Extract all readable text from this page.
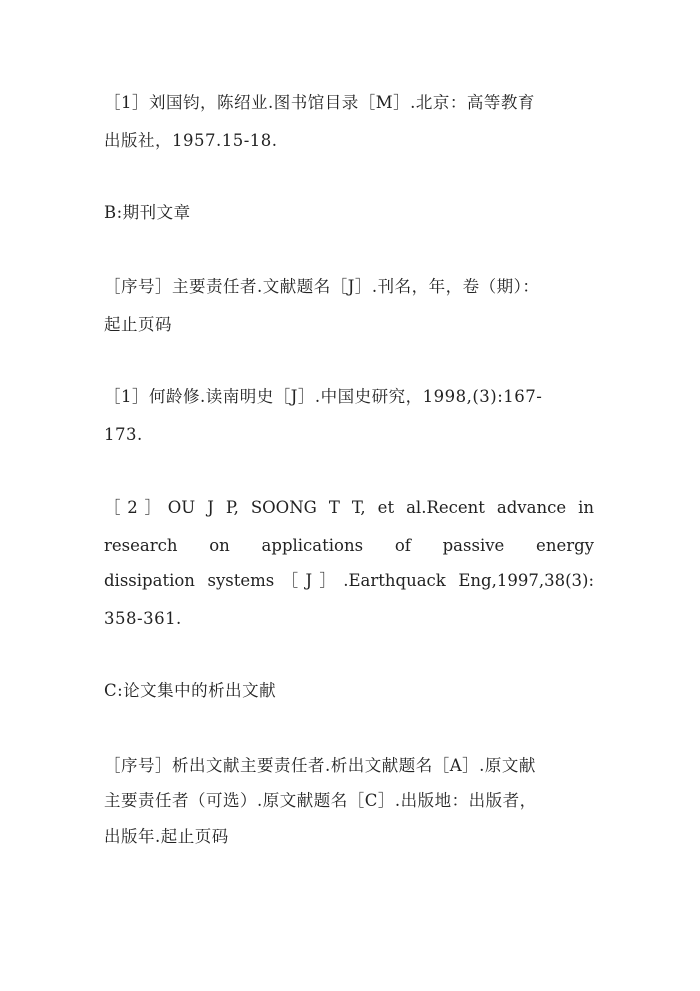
［1］刘国钧，陈绍业.图书馆目录［M］.北京：高等教育
出版社，1957.15-18.
B:期刊文章
［序号］主要责任者.文献题名［J］.刊名，年，卷（期）：
起止页码
［1］何龄修.读南明史［J］.中国史研究，1998,(3):167-
173.
［2］OU J P, SOONG T T, et al.Recent advance in
research on applications of passive energy
dissipation systems［J］.Earthquack Eng,1997,38(3):
358-361.
C:论文集中的析出文献
［序号］析出文献主要责任者.析出文献题名［A］.原文献
主要责任者（可选）.原文献题名［C］.出版地：出版者，
出版年.起止页码
